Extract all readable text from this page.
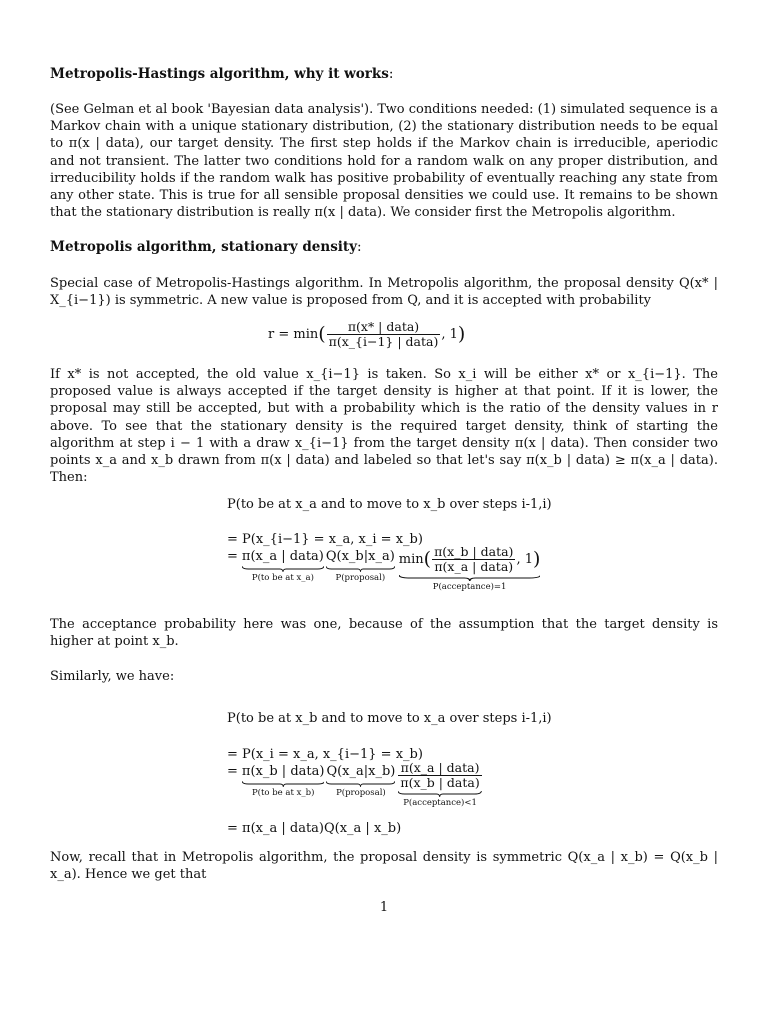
Metropolis-Hastings algorithm, why it works:

(See Gelman et al book 'Bayesian data analysis'). Two conditions needed: (1) simulated sequence is a Markov chain with a unique stationary distribution, (2) the stationary distribution needs to be equal to π(x | data), our target density. The first step holds if the Markov chain is irreducible, aperiodic and not transient. The latter two conditions hold for a random walk on any proper distribution, and irreducibility holds if the random walk has positive probability of eventually reaching any state from any other state. This is true for all sensible proposal densities we could use. It remains to be shown that the stationary distribution is really π(x | data). We consider first the Metropolis algorithm.

Metropolis algorithm, stationary density:

Special case of Metropolis-Hastings algorithm. In Metropolis algorithm, the proposal density Q(x* | X_{i−1}) is symmetric. A new value is proposed from Q, and it is accepted with probability

$r = \min( \frac{\text{π(x* | data)}}{\text{π(x\_\{i−1\} | data)}}$ , 1)

If x* is not accepted, the old value x_{i−1} is taken. So x_i will be either x* or x_{i−1}. The proposed value is always accepted if the target density is higher at that point. If it is lower, the proposal may still be accepted, but with a probability which is the ratio of the density values in r above. To see that the stationary density is the required target density, think of starting the algorithm at step i − 1 with a draw x_{i−1} from the target density π(x | data). Then consider two points x_a and x_b drawn from π(x | data) and labeled so that let's say π(x_b | data) ≥ π(x_a | data). Then:

P(to be at x_a and to move to x_b over steps i-1,i)
= P(x_{i−1} = x_a, x_i = x_b)
= π(x_a | data)
P(to be at x_a)
Q(x_b|x_a)
P(proposal)
$\min( \frac{\text{π(x\_b | data)}}{\text{π(x\_a | data)}}$ , 1)
P(acceptance)=1

The acceptance probability here was one, because of the assumption that the target density is higher at point x_b.

Similarly, we have:

P(to be at x_b and to move to x_a over steps i-1,i)
= P(x_i = x_a, x_{i−1} = x_b)
= π(x_b | data)
P(to be at x_b)
Q(x_a|x_b)
P(proposal)
$\frac{\text{π(x\_a | data)}}{\text{π(x\_b | data)}}$
P(acceptance)<1
= π(x_a | data)Q(x_a | x_b)

Now, recall that in Metropolis algorithm, the proposal density is symmetric Q(x_a | x_b) = Q(x_b | x_a). Hence we get that

1
